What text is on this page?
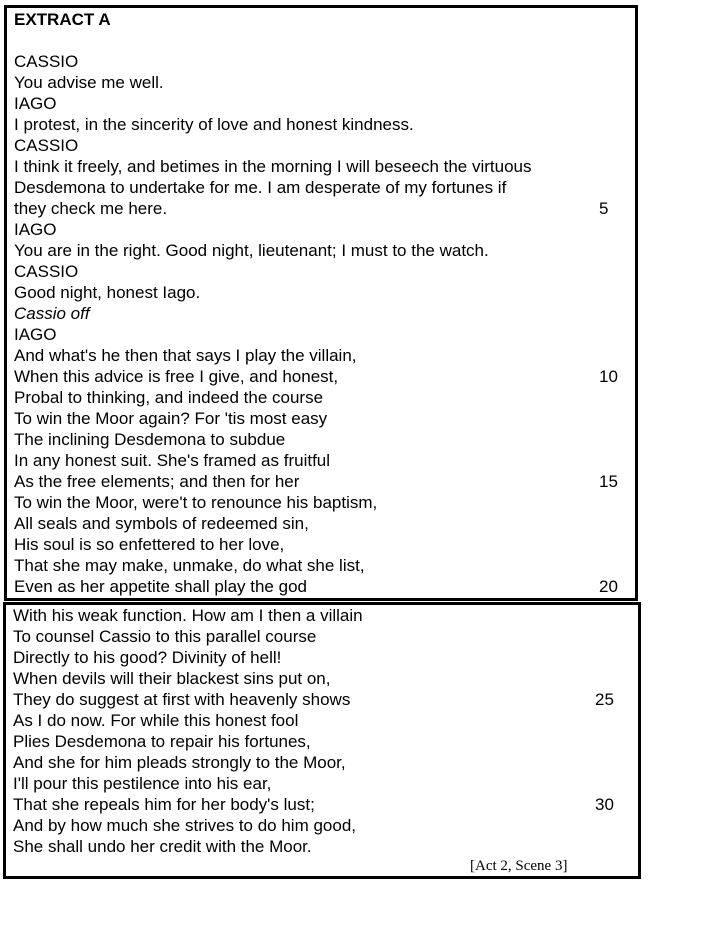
EXTRACT A
CASSIO
You advise me well.
IAGO
I protest, in the sincerity of love and honest kindness.
CASSIO
I think it freely, and betimes in the morning I will beseech the virtuous
Desdemona to undertake for me. I am desperate of my fortunes if
they check me here.	5
IAGO
You are in the right. Good night, lieutenant; I must to the watch.
CASSIO
Good night, honest Iago.
Cassio off
IAGO
And what's he then that says I play the villain,
When this advice is free I give, and honest,	10
Probal to thinking, and indeed the course
To win the Moor again? For 'tis most easy
The inclining Desdemona to subdue
In any honest suit. She's framed as fruitful
As the free elements; and then for her	15
To win the Moor, were't to renounce his baptism,
All seals and symbols of redeemed sin,
His soul is so enfettered to her love,
That she may make, unmake, do what she list,
Even as her appetite shall play the god	20
With his weak function. How am I then a villain
To counsel Cassio to this parallel course
Directly to his good? Divinity of hell!
When devils will their blackest sins put on,
They do suggest at first with heavenly shows	25
As I do now. For while this honest fool
Plies Desdemona to repair his fortunes,
And she for him pleads strongly to the Moor,
I'll pour this pestilence into his ear,
That she repeals him for her body's lust;	30
And by how much she strives to do him good,
She shall undo her credit with the Moor.
[Act 2, Scene 3]
